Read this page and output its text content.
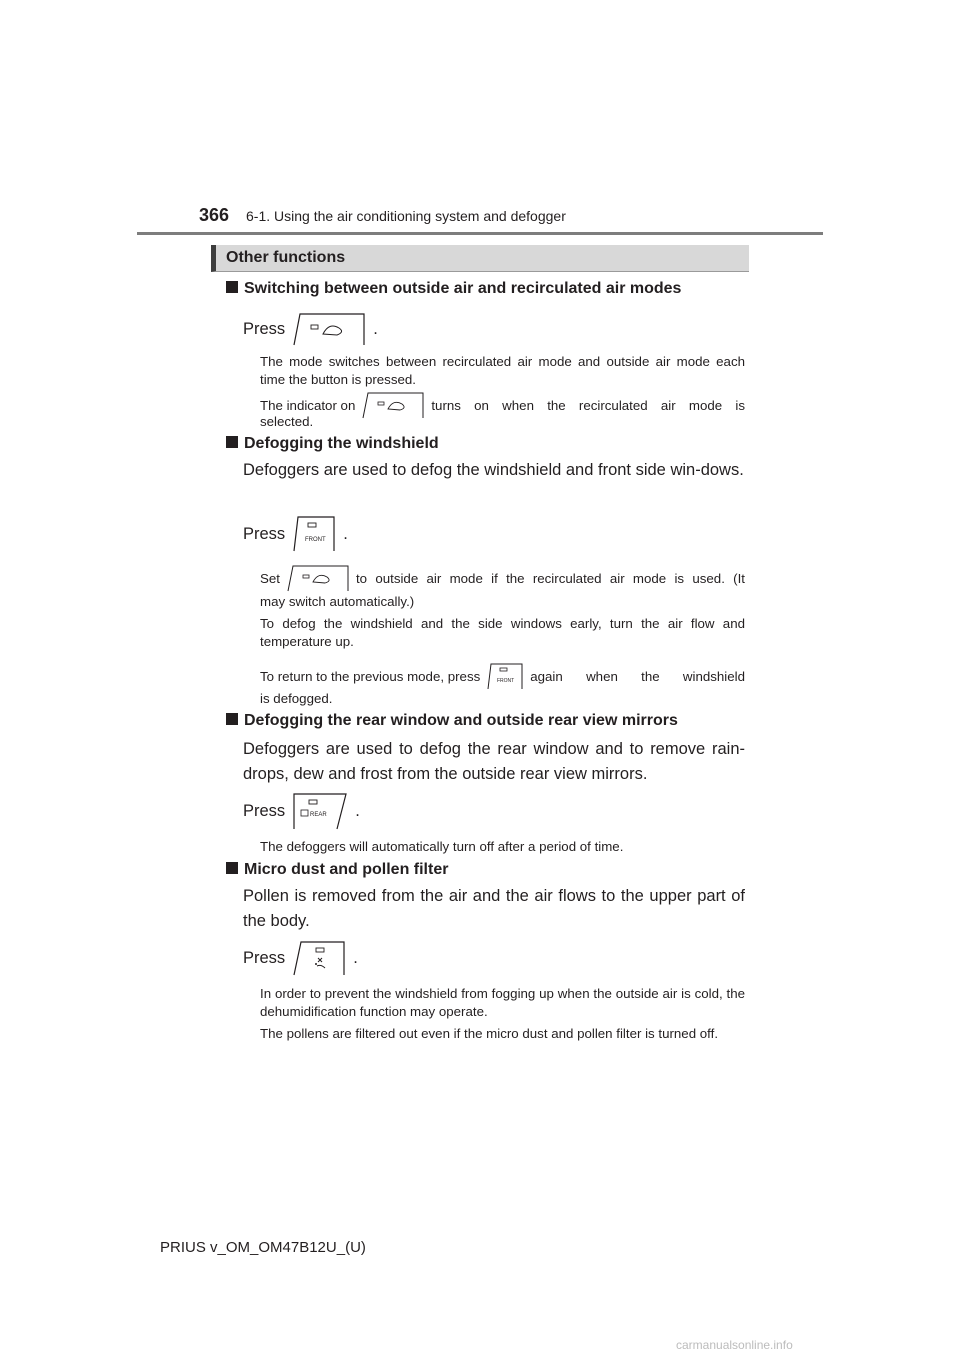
366 6-1. Using the air conditioning system and defogger
Other functions
Switching between outside air and recirculated air modes
Press	.
The mode switches between recirculated air mode and outside air mode each time the button is pressed.
The indicator on	turns on when the recirculated air mode is
selected.
Defogging the windshield
Defoggers are used to defog the windshield and front side win-dows.
Press	FRONT .
Set	to outside air mode if the recirculated air mode is used. (It
may switch automatically.)
To defog the windshield and the side windows early, turn the air flow and temperature up.
To return to the previous mode, press	FRONT again when the windshield
is defogged.
Defogging the rear window and outside rear view mirrors
Defoggers are used to defog the rear window and to remove rain-drops, dew and frost from the outside rear view mirrors.
Press	REAR .
The defoggers will automatically turn off after a period of time.
Micro dust and pollen filter
Pollen is removed from the air and the air flows to the upper part of the body.
Press	.
In order to prevent the windshield from fogging up when the outside air is cold, the dehumidification function may operate.
The pollens are filtered out even if the micro dust and pollen filter is turned off.
PRIUS v_OM_OM47B12U_(U)
carmanualsonline.info
